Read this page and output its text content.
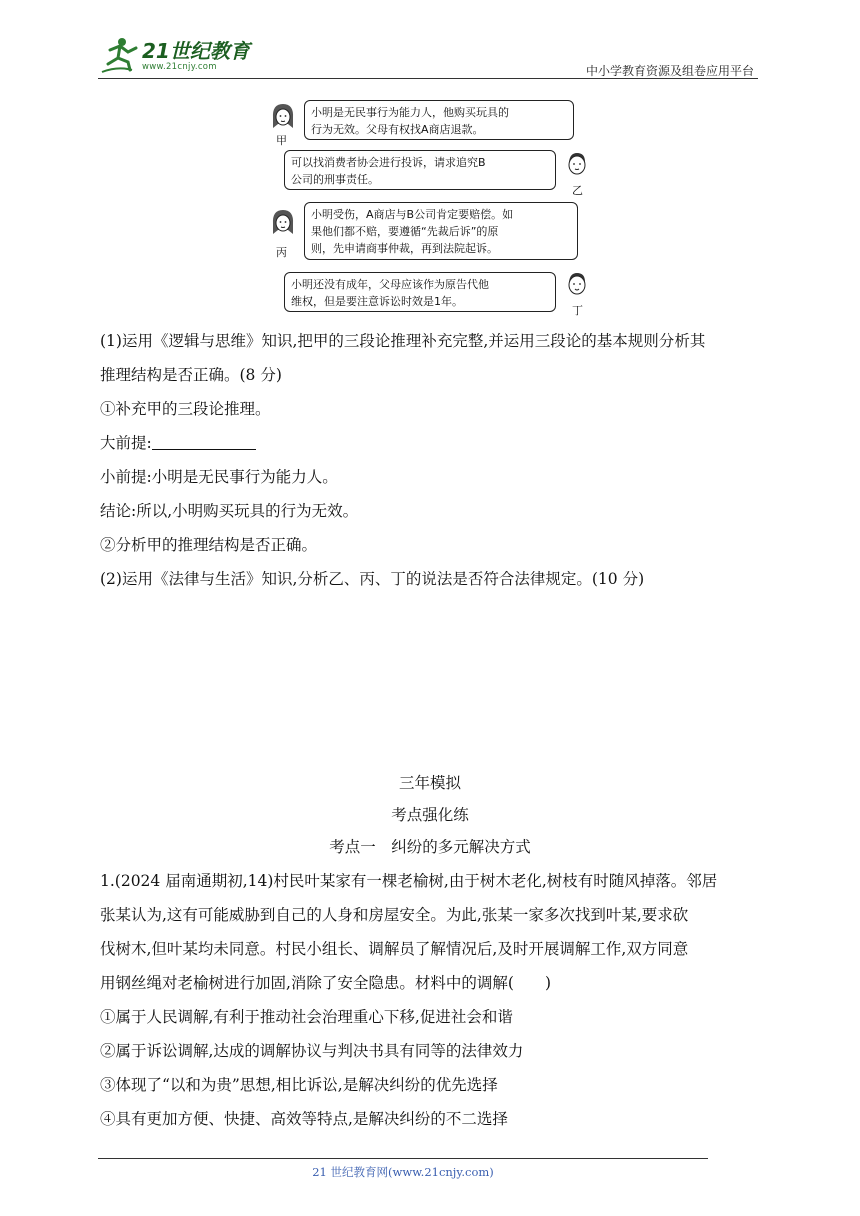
21世纪教育
www.21cnjy.com	中小学教育资源及组卷应用平台
甲
小明是无民事行为能力人，他购买玩具的
行为无效。父母有权找A商店退款。
可以找消费者协会进行投诉，请求追究B
公司的刑事责任。
乙
丙
小明受伤，A商店与B公司肯定要赔偿。如
果他们都不赔，要遵循“先裁后诉”的原
则，先申请商事仲裁，再到法院起诉。
小明还没有成年，父母应该作为原告代他
维权，但是要注意诉讼时效是1年。
丁
(1)运用《逻辑与思维》知识,把甲的三段论推理补充完整,并运用三段论的基本规则分析其
推理结构是否正确。(8 分)
①补充甲的三段论推理。
大前提:
小前提:小明是无民事行为能力人。
结论:所以,小明购买玩具的行为无效。
②分析甲的推理结构是否正确。
(2)运用《法律与生活》知识,分析乙、丙、丁的说法是否符合法律规定。(10 分)
三年模拟
考点强化练
考点一　纠纷的多元解决方式
1.(2024 届南通期初,14)村民叶某家有一棵老榆树,由于树木老化,树枝有时随风掉落。邻居
张某认为,这有可能威胁到自己的人身和房屋安全。为此,张某一家多次找到叶某,要求砍
伐树木,但叶某均未同意。村民小组长、调解员了解情况后,及时开展调解工作,双方同意
用钢丝绳对老榆树进行加固,消除了安全隐患。材料中的调解(　　)
①属于人民调解,有利于推动社会治理重心下移,促进社会和谐
②属于诉讼调解,达成的调解协议与判决书具有同等的法律效力
③体现了“以和为贵”思想,相比诉讼,是解决纠纷的优先选择
④具有更加方便、快捷、高效等特点,是解决纠纷的不二选择
21 世纪教育网(www.21cnjy.com)
